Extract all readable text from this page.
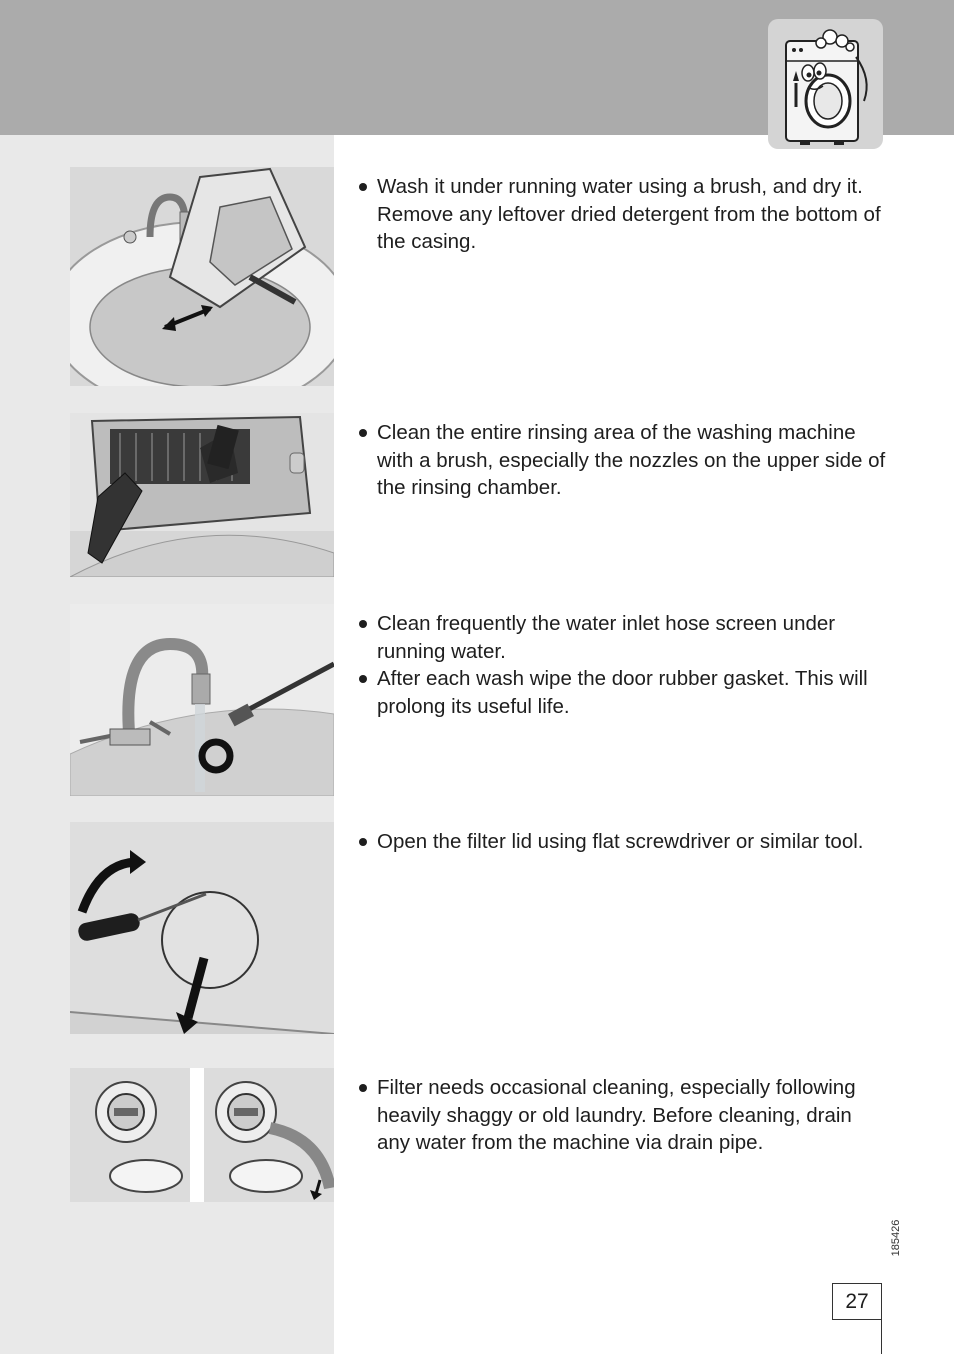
Wash it under running water using a brush, and dry it. Remove any leftover dried detergent from the bottom of the casing.
Clean the entire rinsing area of the washing machine with a brush, especially the nozzles on the upper side of the rinsing chamber.
Clean frequently the water inlet hose screen under running water.
After each wash wipe the door rubber gasket. This will prolong its useful life.
Open the filter lid using flat screwdriver or similar tool.
Filter needs occasional cleaning, especially following heavily shaggy or old laundry. Before cleaning, drain any water from the machine via drain pipe.
185426
27
